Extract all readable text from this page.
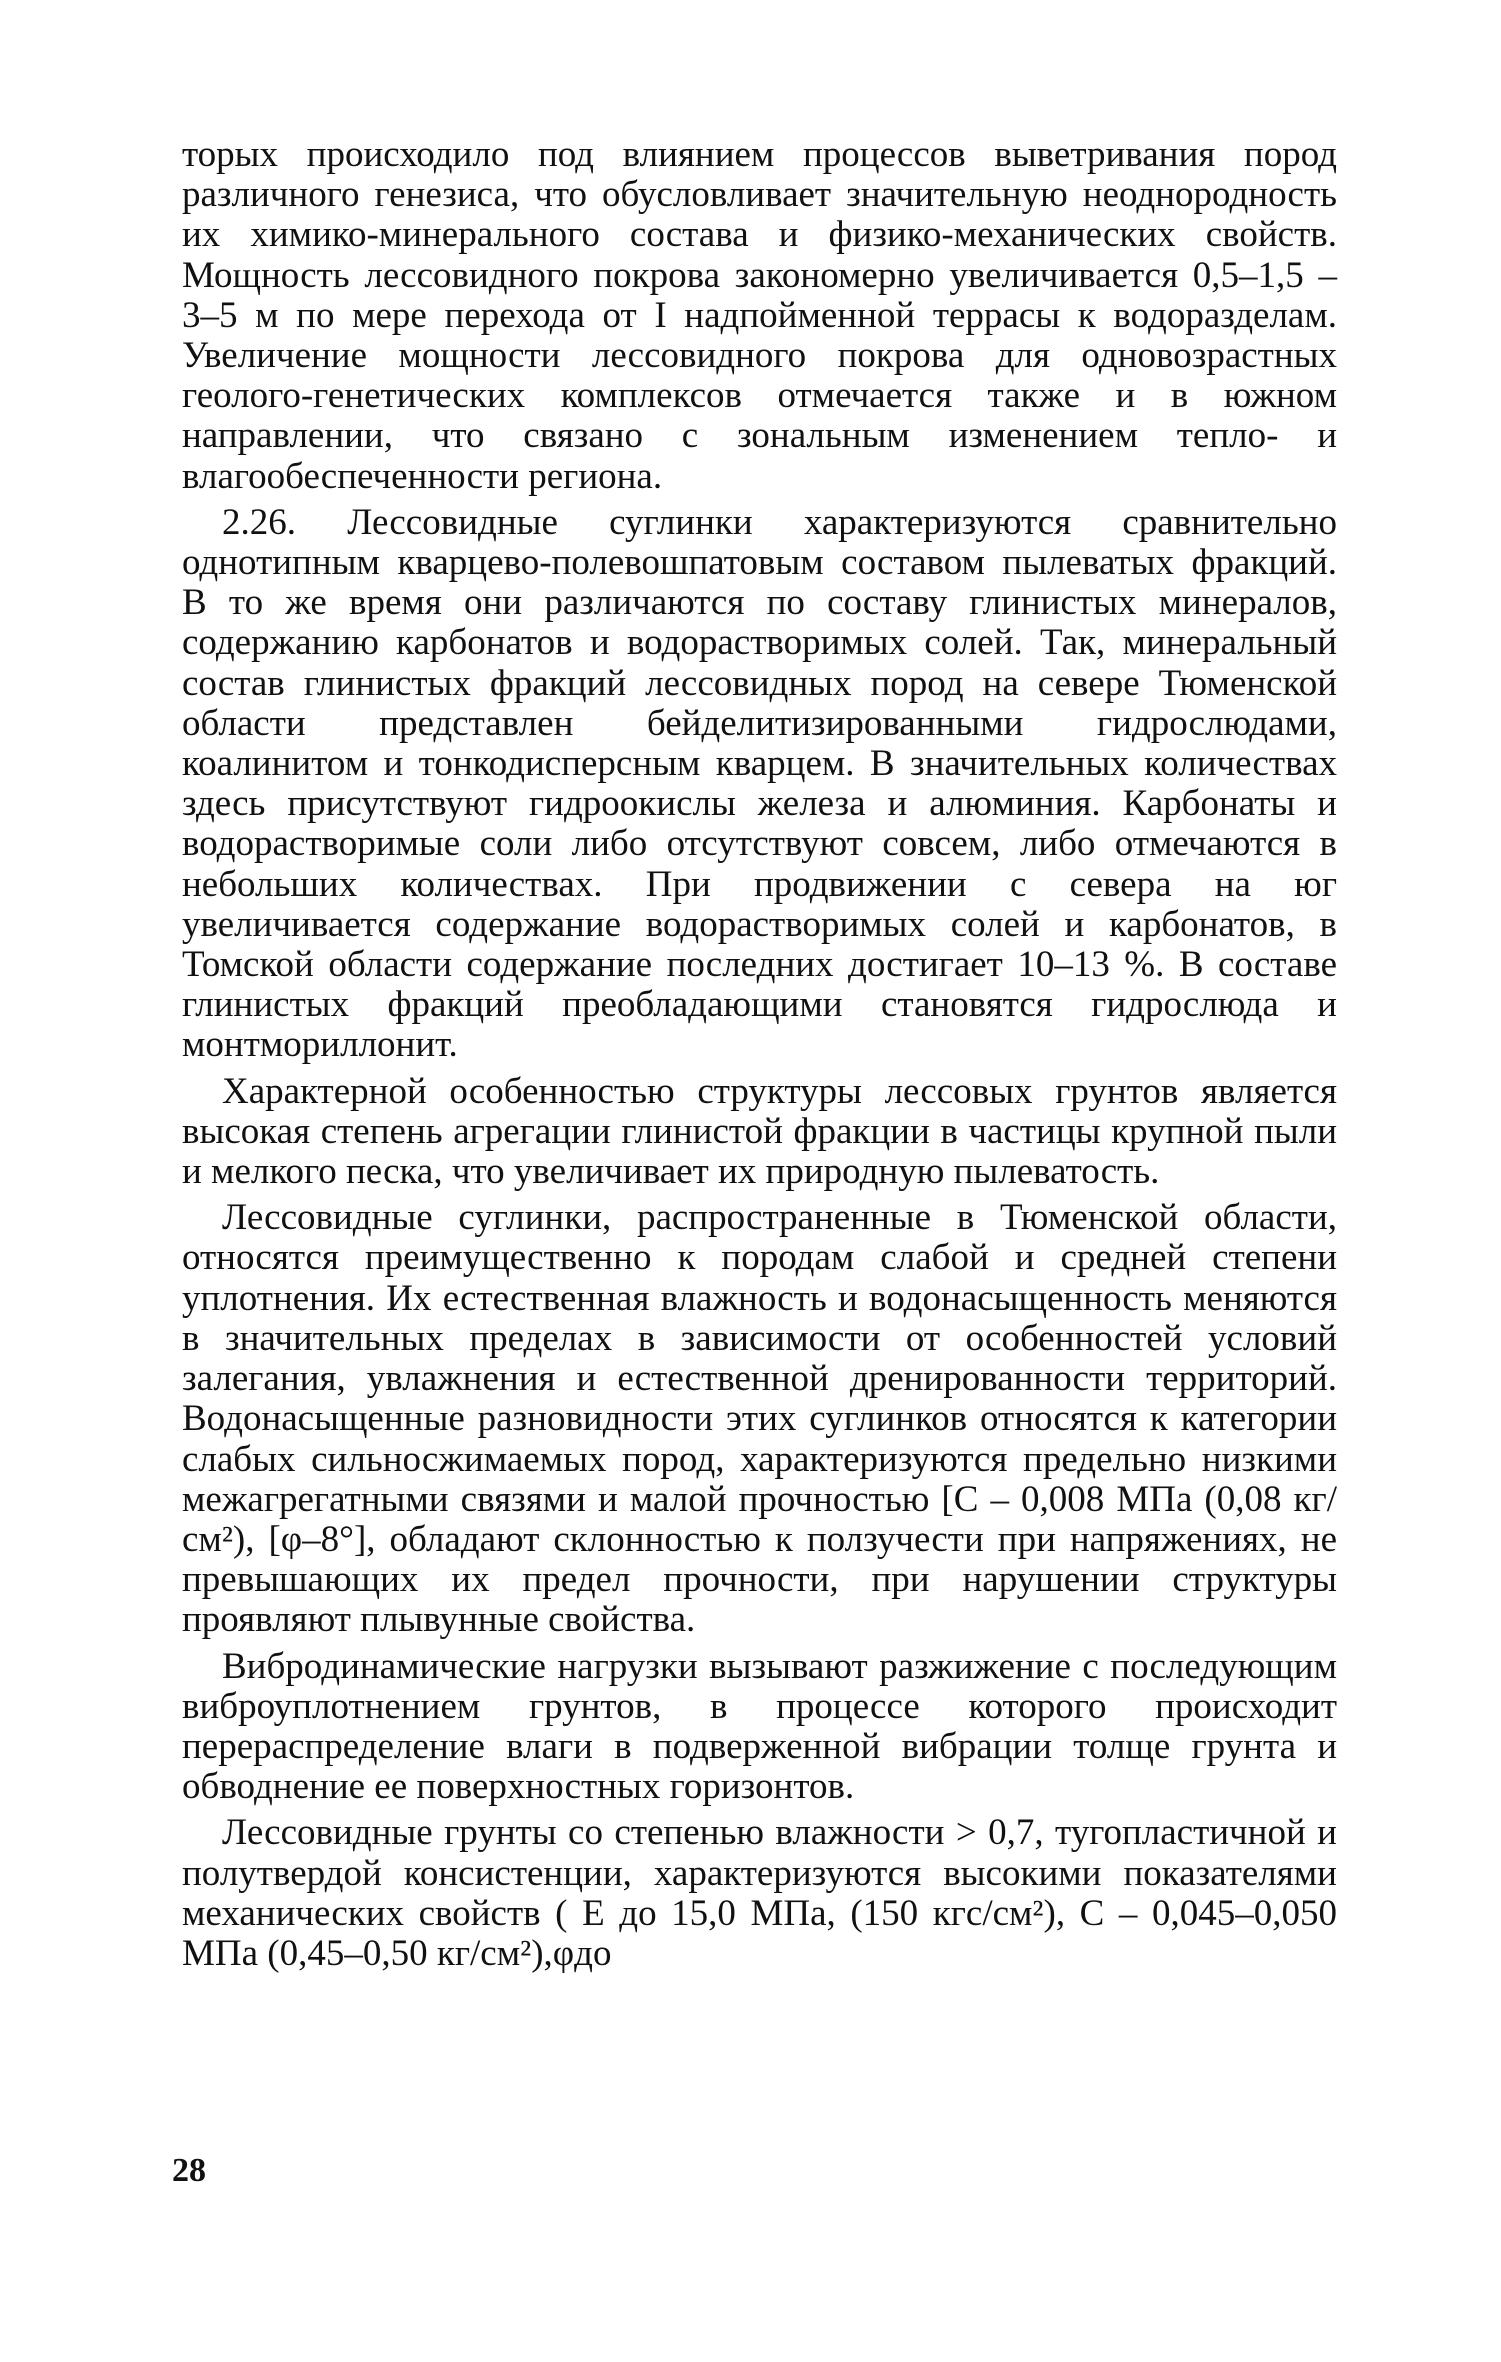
торых происходило под влиянием процессов выветривания пород различного генезиса, что обусловливает значительную неоднородность их химико-минерального состава и физико-механических свойств. Мощность лессовидного покрова закономерно увеличивается 0,5–1,5 – 3–5 м по мере перехода от I надпойменной террасы к водоразделам. Увеличение мощности лессовидного покрова для одновозрастных геолого-генетических комплексов отмечается также и в южном направлении, что связано с зональным изменением тепло- и влагообеспеченности региона.

2.26. Лессовидные суглинки характеризуются сравнительно однотипным кварцево-полевошпатовым составом пылеватых фракций. В то же время они различаются по составу глинистых минералов, содержанию карбонатов и водорастворимых солей. Так, минеральный состав глинистых фракций лессовидных пород на севере Тюменской области представлен бейделитизированными гидрослюдами, коалинитом и тонкодисперсным кварцем. В значительных количествах здесь присутствуют гидроокислы железа и алюминия. Карбонаты и водорастворимые соли либо отсутствуют совсем, либо отмечаются в небольших количествах. При продвижении с севера на юг увеличивается содержание водорастворимых солей и карбонатов, в Томской области содержание последних достигает 10–13 %. В составе глинистых фракций преобладающими становятся гидрослюда и монтмориллонит.

Характерной особенностью структуры лессовых грунтов является высокая степень агрегации глинистой фракции в частицы крупной пыли и мелкого песка, что увеличивает их природную пылеватость.

Лессовидные суглинки, распространенные в Тюменской области, относятся преимущественно к породам слабой и средней степени уплотнения. Их естественная влажность и водонасыщенность меняются в значительных пределах в зависимости от особенностей условий залегания, увлажнения и естественной дренированности территорий. Водонасыщенные разновидности этих суглинков относятся к категории слабых сильносжимаемых пород, характеризуются предельно низкими межагрегатными связями и малой прочностью [C – 0,008 МПа (0,08 кг/см²), [φ–8°], обладают склонностью к ползучести при напряжениях, не превышающих их предел прочности, при нарушении структуры проявляют плывунные свойства.

Вибродинамические нагрузки вызывают разжижение с последующим виброуплотнением грунтов, в процессе которого происходит перераспределение влаги в подверженной вибрации толще грунта и обводнение ее поверхностных горизонтов.

Лессовидные грунты со степенью влажности > 0,7, тугопластичной и полутвердой консистенции, характеризуются высокими показателями механических свойств ( E до 15,0 МПа, (150 кгс/см²), C – 0,045–0,050 МПа (0,45–0,50 кг/см²),φдо

28
